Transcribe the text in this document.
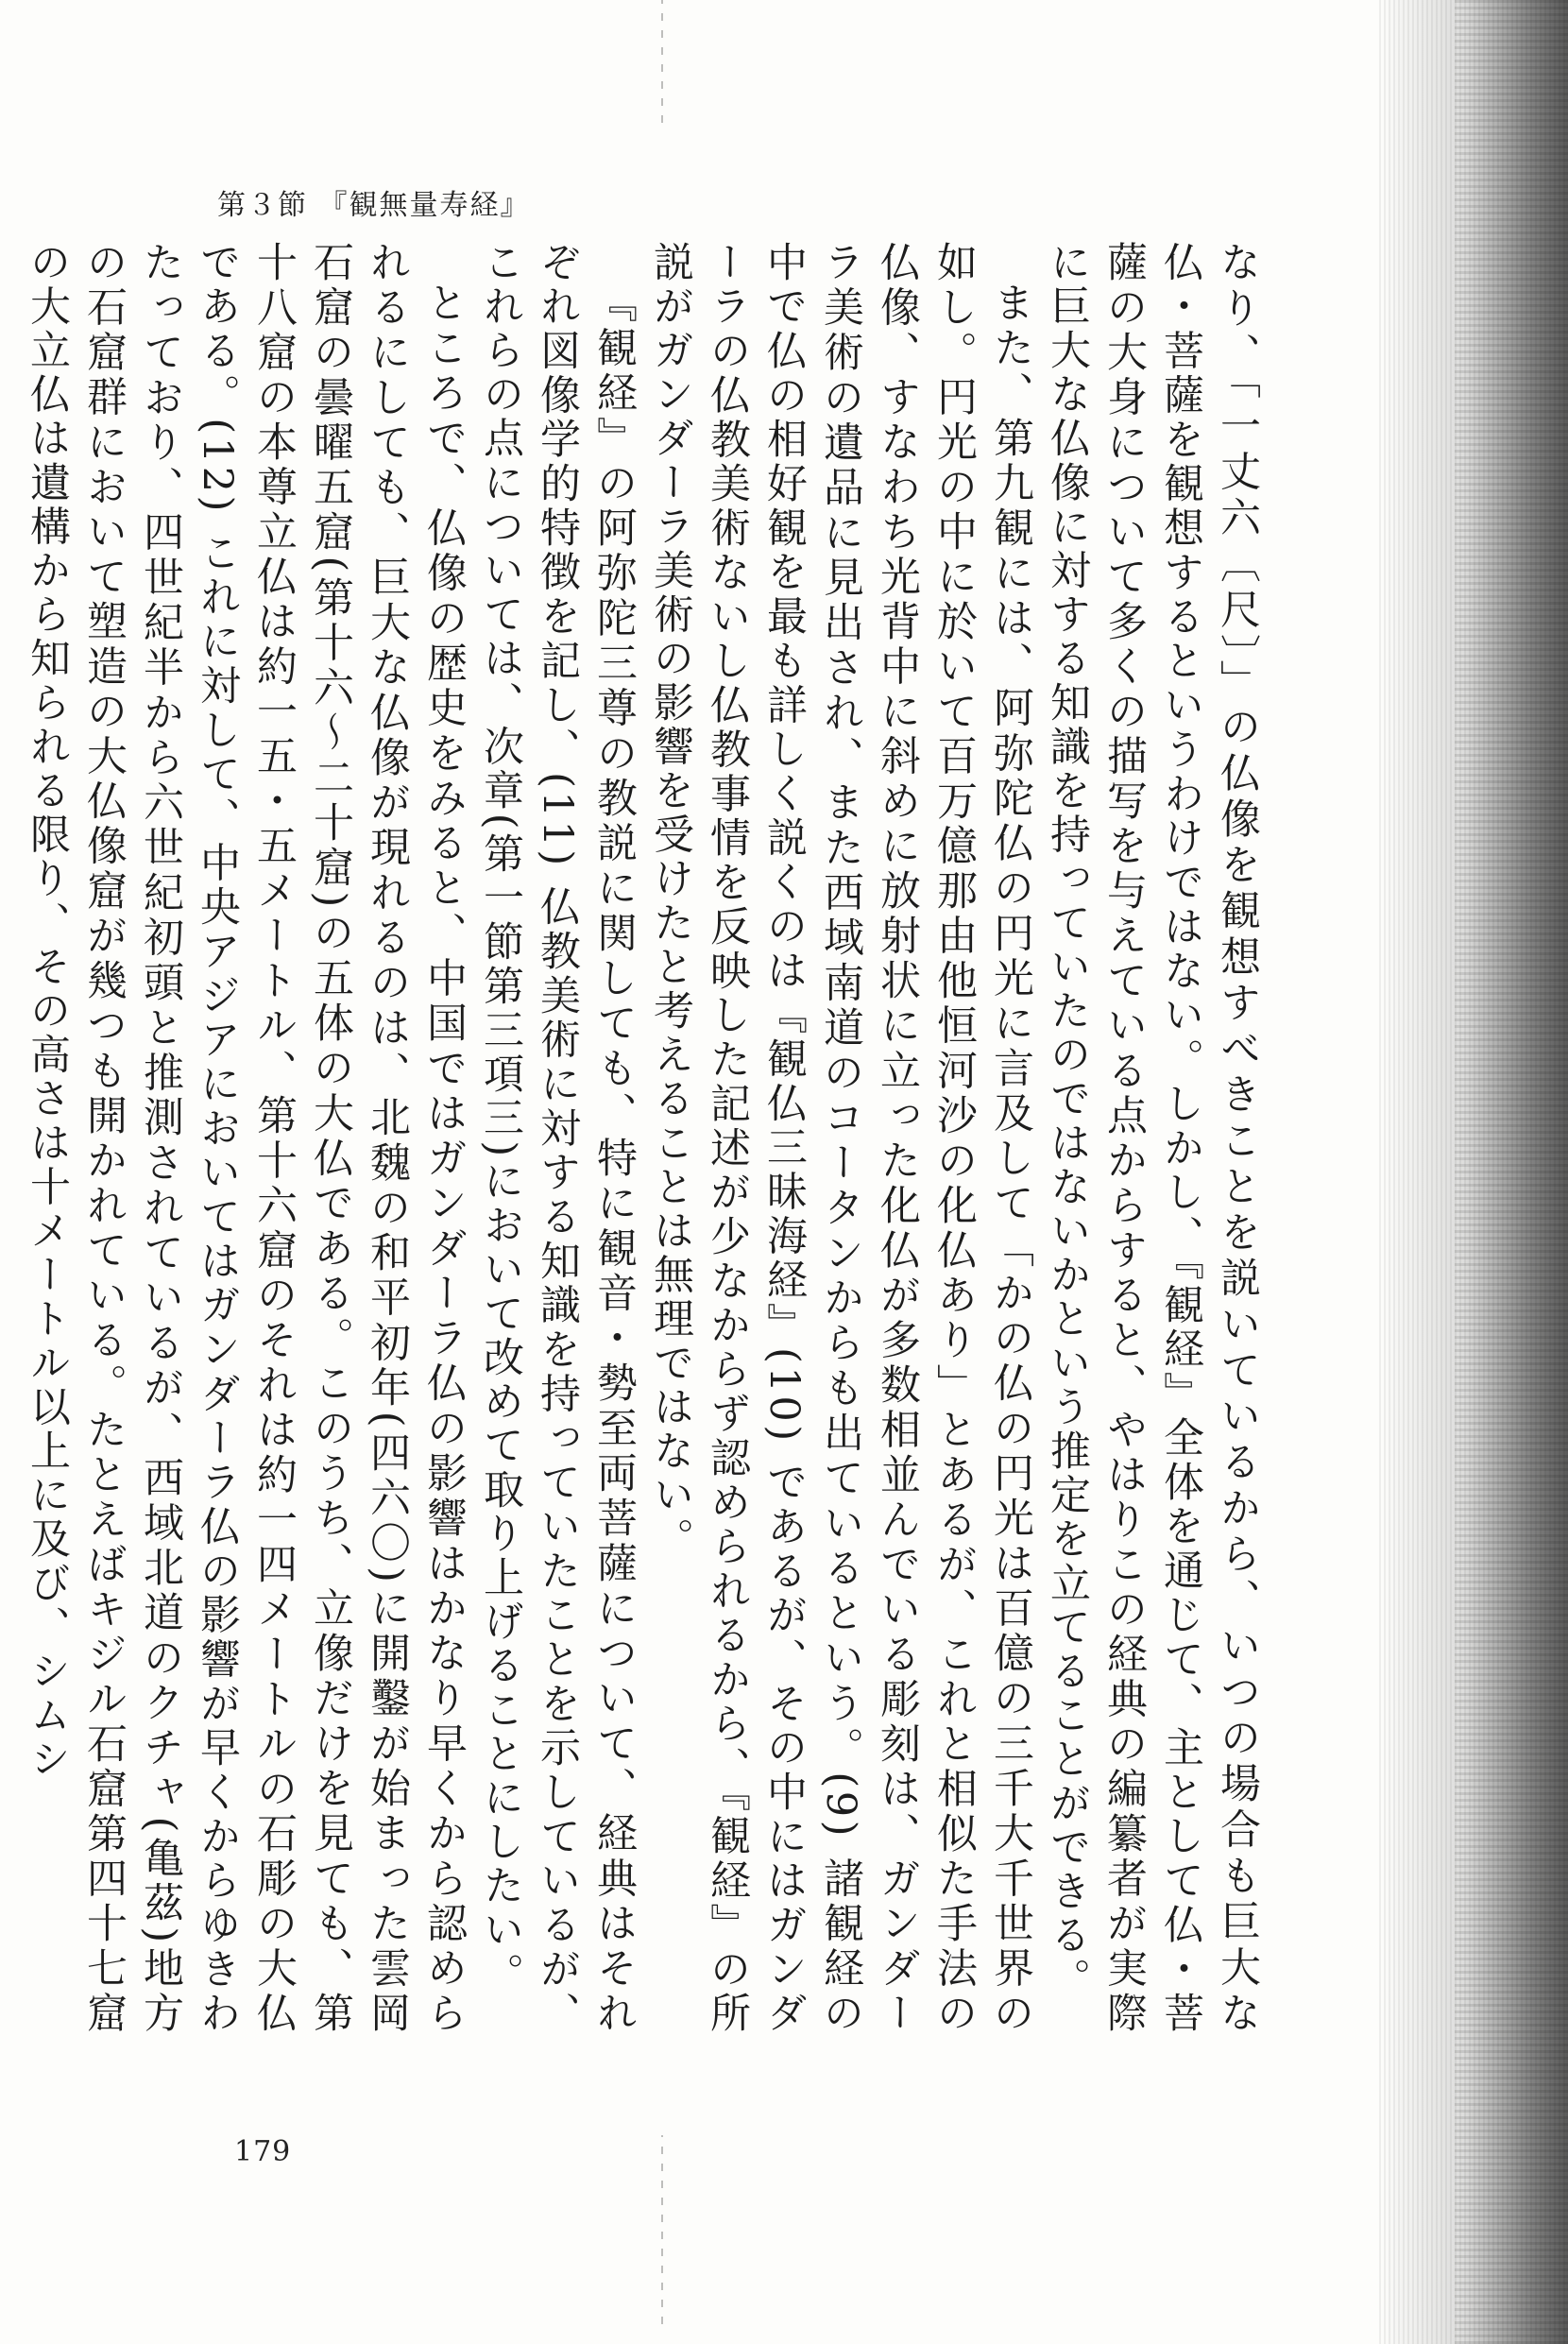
第３節 『観無量寿経』

なり、「一丈六〔尺〕」の仏像を観想すべきことを説いているから、いつの場合も巨大な仏・菩薩を観想するというわけではない。しかし、『観経』全体を通じて、主として仏・菩薩の大身について多くの描写を与えている点からすると、やはりこの経典の編纂者が実際に巨大な仏像に対する知識を持っていたのではないかという推定を立てることができる。

また、第九観には、阿弥陀仏の円光に言及して「かの仏の円光は百億の三千大千世界の如し。円光の中に於いて百万億那由他恒河沙の化仏あり」とあるが、これと相似た手法の仏像、すなわち光背中に斜めに放射状に立った化仏が多数相並んでいる彫刻は、ガンダーラ美術の遺品に見出され、また西域南道のコータンからも出ているという。(9) 諸観経の中で仏の相好観を最も詳しく説くのは『観仏三昧海経』(10) であるが、その中にはガンダーラの仏教美術ないし仏教事情を反映した記述が少なからず認められるから、『観経』の所説がガンダーラ美術の影響を受けたと考えることは無理ではない。

『観経』の阿弥陀三尊の教説に関しても、特に観音・勢至両菩薩について、経典はそれぞれ図像学的特徴を記し、(11) 仏教美術に対する知識を持っていたことを示しているが、これらの点については、次章(第一節第三項三)において改めて取り上げることにしたい。

ところで、仏像の歴史をみると、中国ではガンダーラ仏の影響はかなり早くから認められるにしても、巨大な仏像が現れるのは、北魏の和平初年(四六〇)に開鑿が始まった雲岡石窟の曇曜五窟(第十六〜二十窟)の五体の大仏である。このうち、立像だけを見ても、第十八窟の本尊立仏は約一五・五メートル、第十六窟のそれは約一四メートルの石彫の大仏である。(12) これに対して、中央アジアにおいてはガンダーラ仏の影響が早くからゆきわたっており、四世紀半から六世紀初頭と推測されているが、西域北道のクチャ(亀茲)地方の石窟群において塑造の大仏像窟が幾つも開かれている。たとえばキジル石窟第四十七窟の大立仏は遺構から知られる限り、その高さは十メートル以上に及び、シムシ

179
